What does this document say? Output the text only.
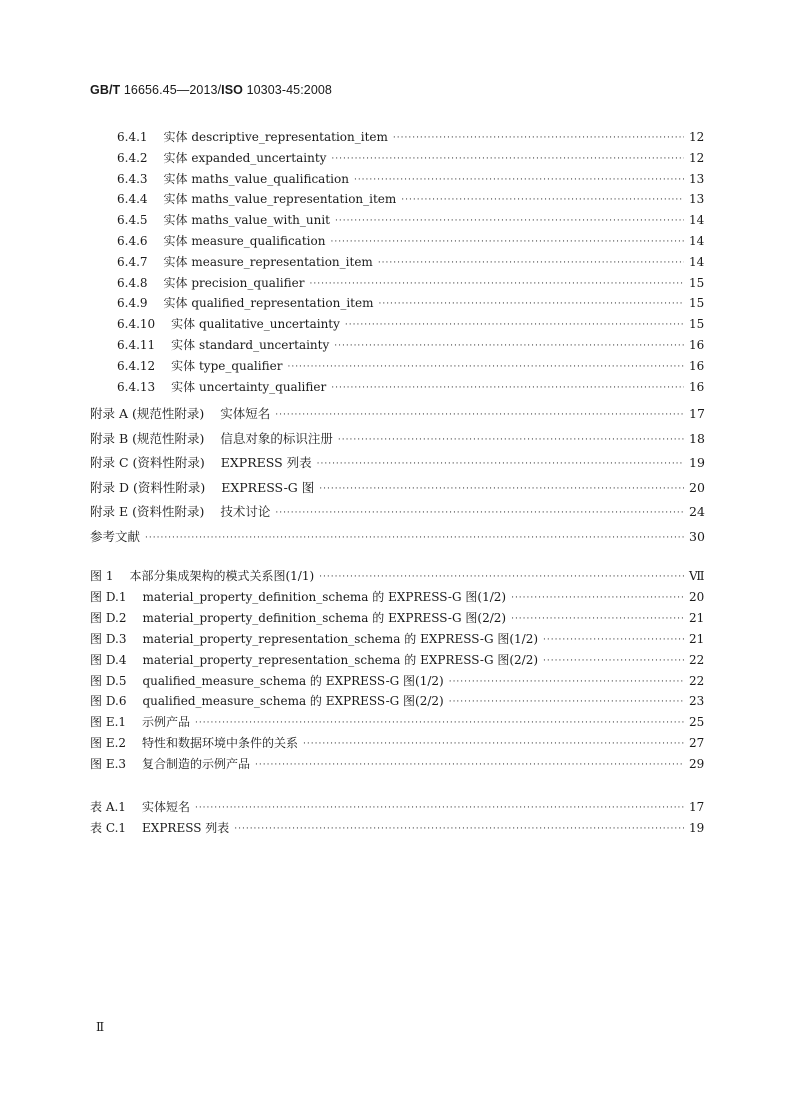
GB/T 16656.45—2013/ISO 10303-45:2008
6.4.1 实体 descriptive_representation_item ·····	12
6.4.2 实体 expanded_uncertainty ·····	12
6.4.3 实体 maths_value_qualification ·····	13
6.4.4 实体 maths_value_representation_item ·····	13
6.4.5 实体 maths_value_with_unit ·····	14
6.4.6 实体 measure_qualification ·····	14
6.4.7 实体 measure_representation_item ·····	14
6.4.8 实体 precision_qualifier ·····	15
6.4.9 实体 qualified_representation_item ·····	15
6.4.10 实体 qualitative_uncertainty ·····	15
6.4.11 实体 standard_uncertainty ·····	16
6.4.12 实体 type_qualifier ·····	16
6.4.13 实体 uncertainty_qualifier ·····	16
附录 A (规范性附录) 实体短名 ·····	17
附录 B (规范性附录) 信息对象的标识注册 ·····	18
附录 C (资料性附录) EXPRESS 列表 ·····	19
附录 D (资料性附录) EXPRESS-G 图 ·····	20
附录 E (资料性附录) 技术讨论 ·····	24
参考文献 ·····	30
图 1 本部分集成架构的模式关系图(1/1) ·····	Ⅶ
图 D.1 material_property_definition_schema 的 EXPRESS-G 图(1/2) ·····	20
图 D.2 material_property_definition_schema 的 EXPRESS-G 图(2/2) ·····	21
图 D.3 material_property_representation_schema 的 EXPRESS-G 图(1/2) ·····	21
图 D.4 material_property_representation_schema 的 EXPRESS-G 图(2/2) ·····	22
图 D.5 qualified_measure_schema 的 EXPRESS-G 图(1/2) ·····	22
图 D.6 qualified_measure_schema 的 EXPRESS-G 图(2/2) ·····	23
图 E.1 示例产品 ·····	25
图 E.2 特性和数据环境中条件的关系 ·····	27
图 E.3 复合制造的示例产品 ·····	29
表 A.1 实体短名 ·····	17
表 C.1 EXPRESS 列表 ·····	19
Ⅱ
